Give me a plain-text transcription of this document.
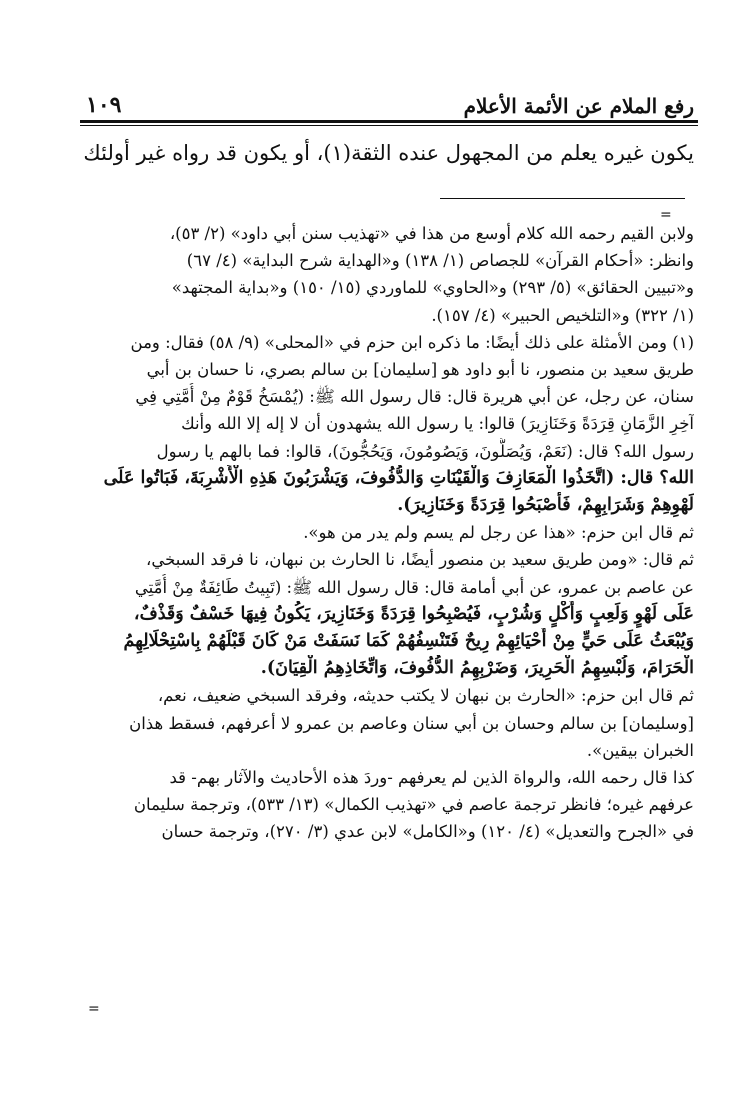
١٠٩	رفع الملام عن الأئمة الأعلام
يكون غيره يعلم من المجهول عنده الثقة(١)، أو يكون قد رواه غير أولئك
=
ولابن القيم رحمه الله كلام أوسع من هذا في «تهذيب سنن أبي داود» (٢/ ٥٣)،
وانظر: «أحكام القرآن» للجصاص (١/ ١٣٨) و«الهداية شرح البداية» (٤/ ٦٧)
و«تبيين الحقائق» (٥/ ٢٩٣) و«الحاوي» للماوردي (١٥/ ١٥٠) و«بداية المجتهد»
(١/ ٣٢٢) و«التلخيص الحبير» (٤/ ١٥٧).
(١) ومن الأمثلة على ذلك أيضًا: ما ذكره ابن حزم في «المحلى» (٩/ ٥٨) فقال: ومن
طريق سعيد بن منصور، نا أبو داود هو [سليمان] بن سالم بصري، نا حسان بن أبي
سنان، عن رجل، عن أبي هريرة قال: قال رسول الله ﷺ: (يُمْسَخُ قَوْمٌ مِنْ أُمَّتِي فِي
آخِرِ الزَّمَانِ قِرَدَةً وَخَنَازِيرَ) قالوا: يا رسول الله يشهدون أن لا إله إلا الله وأنك
رسول الله؟ قال: (نَعَمْ، وَيُصَلُّونَ، وَيَصُومُونَ، وَيَحُجُّونَ)، قالوا: فما بالهم يا رسول
الله؟ قال: (اتَّخَذُوا الْمَعَازِفَ وَالْقَيْنَاتِ وَالدُّفُوفَ، وَيَشْرَبُونَ هَذِهِ الْأَشْرِبَةَ، فَبَاتُوا عَلَى
لَهْوِهِمْ وَشَرَابِهِمْ، فَأَصْبَحُوا قِرَدَةً وَخَنَازِيرَ).
ثم قال ابن حزم: «هذا عن رجل لم يسم ولم يدر من هو».
ثم قال: «ومن طريق سعيد بن منصور أيضًا، نا الحارث بن نبهان، نا فرقد السبخي،
عن عاصم بن عمرو، عن أبي أمامة قال: قال رسول الله ﷺ: (تَبِيتُ طَائِفَةٌ مِنْ أُمَّتِي
عَلَى لَهْوٍ وَلَعِبٍ وَأَكْلٍ وَشُرْبٍ، فَيُصْبِحُوا قِرَدَةً وَخَنَازِيرَ، يَكُونُ فِيهَا خَسْفٌ وَقَذْفٌ،
وَيُبْعَثُ عَلَى حَيٍّ مِنْ أَحْيَائِهِمْ رِيحٌ فَتَنْسِفُهُمْ كَمَا نَسَفَتْ مَنْ كَانَ قَبْلَهُمْ بِاسْتِحْلَالِهِمُ
الْحَرَامَ، وَلُبْسِهِمُ الْحَرِيرَ، وَضَرْبِهِمُ الدُّفُوفَ، وَاتِّخَاذِهِمُ الْقِيَانَ).
ثم قال ابن حزم: «الحارث بن نبهان لا يكتب حديثه، وفرقد السبخي ضعيف، نعم،
[وسليمان] بن سالم وحسان بن أبي سنان وعاصم بن عمرو لا أعرفهم، فسقط هذان
الخبران بيقين».
كذا قال رحمه الله، والرواة الذين لم يعرفهم -وردَ هذه الأحاديث والآثار بهم- قد
عرفهم غيره؛ فانظر ترجمة عاصم في «تهذيب الكمال» (١٣/ ٥٣٣)، وترجمة سليمان
في «الجرح والتعديل» (٤/ ١٢٠) و«الكامل» لابن عدي (٣/ ٢٧٠)، وترجمة حسان
=
